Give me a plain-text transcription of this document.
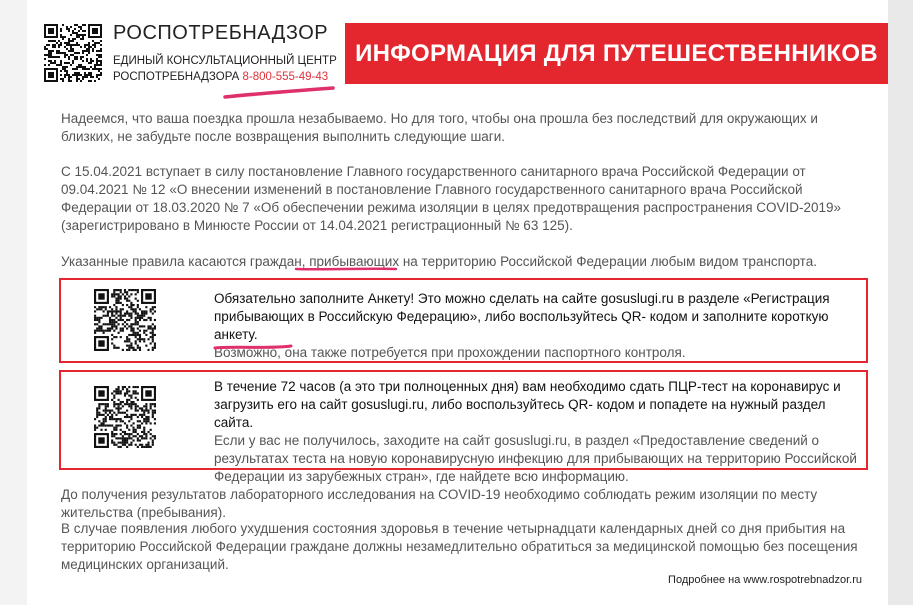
РОСПОТРЕБНАДЗОР
ЕДИНЫЙ КОНСУЛЬТАЦИОННЫЙ ЦЕНТР
РОСПОТРЕБНАДЗОРА 8-800-555-49-43
ИНФОРМАЦИЯ ДЛЯ ПУТЕШЕСТВЕННИКОВ
Надеемся, что ваша поездка прошла незабываемо. Но для того, чтобы она прошла без последствий для окружающих и близких, не забудьте после возвращения выполнить следующие шаги.
С 15.04.2021 вступает в силу постановление Главного государственного санитарного врача Российской Федерации от 09.04.2021 № 12 «О внесении изменений в постановление Главного государственного санитарного врача Российской Федерации от 18.03.2020 № 7 «Об обеспечении режима изоляции в целях предотвращения распространения COVID-2019» (зарегистрировано в Минюсте России от 14.04.2021 регистрационный № 63 125).
Указанные правила касаются граждан, прибывающих на территорию Российской Федерации любым видом транспорта.
Обязательно заполните Анкету! Это можно сделать на сайте gosuslugi.ru в разделе «Регистрация прибывающих в Российскую Федерацию», либо воспользуйтесь QR- кодом и заполните короткую анкету.
Возможно, она также потребуется при прохождении паспортного контроля.
В течение 72 часов (а это три полноценных дня) вам необходимо сдать ПЦР-тест на коронавирус и загрузить его на сайт gosuslugi.ru, либо воспользуйтесь QR- кодом и попадете на нужный раздел сайта.
Если у вас не получилось, заходите на сайт gosuslugi.ru, в раздел «Предоставление сведений о результатах теста на новую коронавирусную инфекцию для прибывающих на территорию Российской Федерации из зарубежных стран», где найдете всю информацию.
До получения результатов лабораторного исследования на COVID-19 необходимо соблюдать режим изоляции по месту жительства (пребывания).
В случае появления любого ухудшения состояния здоровья в течение четырнадцати календарных дней со дня прибытия на территорию Российской Федерации граждане должны незамедлительно обратиться за медицинской помощью без посещения медицинских организаций.
Подробнее на www.rospotrebnadzor.ru
